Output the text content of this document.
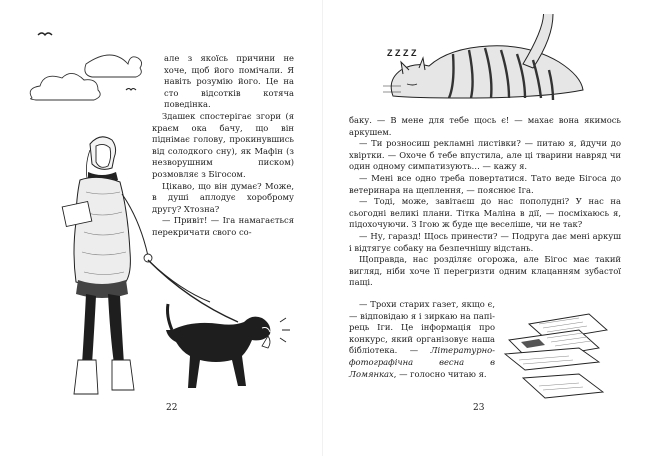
але з якоїсь причини не хоче, щоб його помічали. Я навіть розумію його. Це на сто відсотків котяча поведінка.

Здашек спостерігає згори (я краєм ока бачу, що він піднімає голову, прокинувшись від солодкого сну), як Мафін (з незворушним писком) розмовляє з Бігосом.

Цікаво, що він думає? Може, в душі аплодує хороброму другу? Хтозна?

— Привіт! — Іга намагається перекричати свого со-

22
Z Z Z Z

баку. — В мене для тебе щось є! — махає вона якимось аркушем.

— Ти розносиш рекламні листівки? — питаю я, йдучи до хвіртки. — Охоче б тебе впустила, але ці тварини навряд чи один одному симпатизують… — кажу я.

— Мені все одно треба повертатися. Тато веде Бігоса до ветеринара на щеплення, — пояснює Іга.

— Тоді, може, завітаєш до нас пополудні? У нас на сьогодні великі плани. Тітка Маліна в дії, — посміхаюсь я, підохочуючи. З Ігою ж буде ще веселіше, чи не так?

— Ну, гаразд! Щось принести? — Подруга дає мені аркуш і відтягує собаку на безпечнішу відстань.

Щоправда, нас розділяє огорожа, але Бігос має такий вигляд, ніби хоче її перегризти одним клацанням зубастої пащі.

— Трохи старих газет, якщо є, — відповідаю я і зиркаю на папірець Іги. Це інформація про конкурс, який організовує наша бібліотека. — Літературно-фотографічна весна в Ломянках, — голосно читаю я.

23
